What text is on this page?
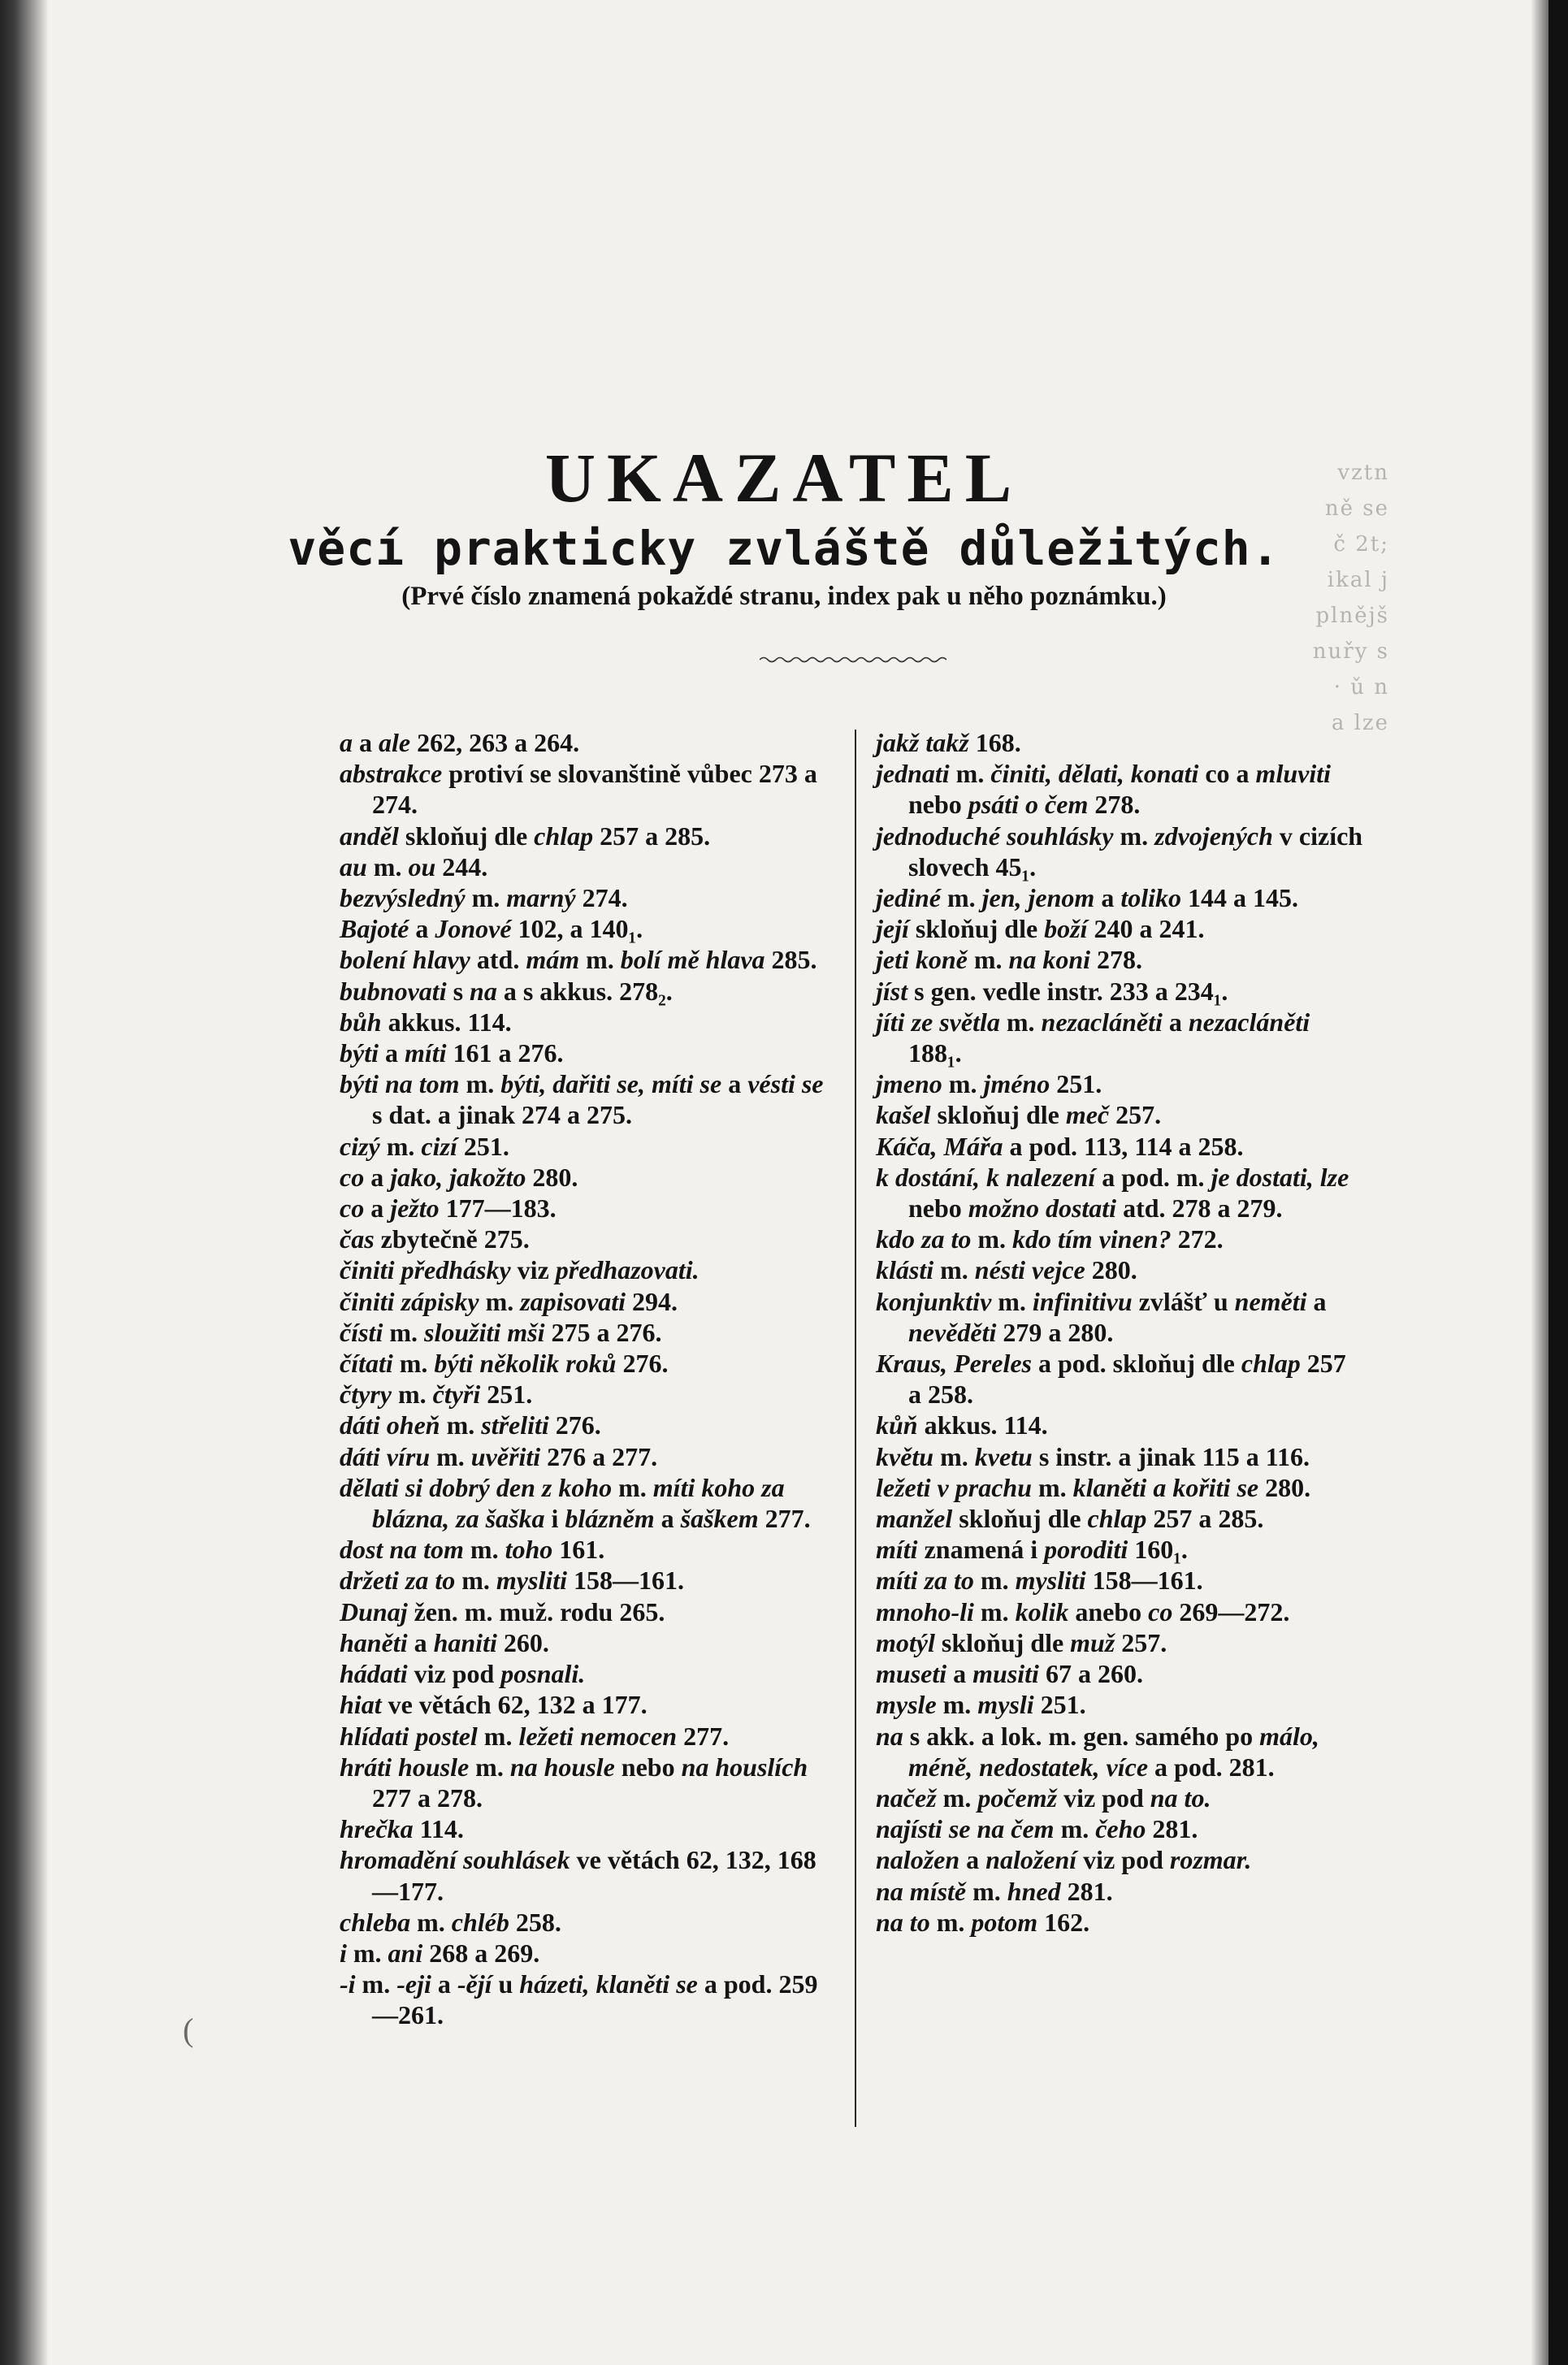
vztn
ně se
č 2t;
ikal j
plnějš
nuřy s
· ǔ n
a lze
UKAZATEL
věcí prakticky zvláště důležitých.
(Prvé číslo znamená pokaždé stranu, index pak u něho poznámku.)
a a ale 262, 263 a 264.
abstrakce protiví se slovanštině vůbec 273 a 274.
anděl skloňuj dle chlap 257 a 285.
au m. ou 244.
bezvýsledný m. marný 274.
Bajoté a Jonové 102, a 140₁.
bolení hlavy atd. mám m. bolí mě hlava 285.
bubnovati s na a s akkus. 278₂.
bůh akkus. 114.
býti a míti 161 a 276.
býti na tom m. býti, dařiti se, míti se a vésti se s dat. a jinak 274 a 275.
cizý m. cizí 251.
co a jako, jakožto 280.
co a ježto 177—183.
čas zbytečně 275.
činiti předhásky viz předhazovati.
činiti zápisky m. zapisovati 294.
čísti m. sloužiti mši 275 a 276.
čítati m. býti několik roků 276.
čtyry m. čtyři 251.
dáti oheň m. střeliti 276.
dáti víru m. uvěřiti 276 a 277.
dělati si dobrý den z koho m. míti koho za blázna, za šaška i blázněm a šaškem 277.
dost na tom m. toho 161.
držeti za to m. mysliti 158—161.
Dunaj žen. m. muž. rodu 265.
haněti a haniti 260.
hádati viz pod posnali.
hiat ve větách 62, 132 a 177.
hlídati postel m. ležeti nemocen 277.
hráti housle m. na housle nebo na houslích 277 a 278.
hrečka 114.
hromadění souhlásek ve větách 62, 132, 168—177.
chleba m. chléb 258.
i m. ani 268 a 269.
-i m. -eji a -ějí u házeti, klaněti se a pod. 259—261.
jakž takž 168.
jednati m. činiti, dělati, konati co a mluviti nebo psáti o čem 278.
jednoduché souhlásky m. zdvojených v cizích slovech 45₁.
jediné m. jen, jenom a toliko 144 a 145.
její skloňuj dle boží 240 a 241.
jeti koně m. na koni 278.
jíst s gen. vedle instr. 233 a 234₁.
jíti ze světla m. nezacláněti a nezacláněti 188₁.
jmeno m. jméno 251.
kašel skloňuj dle meč 257.
Káča, Mářa a pod. 113, 114 a 258.
k dostání, k nalezení a pod. m. je dostati, lze nebo možno dostati atd. 278 a 279.
kdo za to m. kdo tím vinen? 272.
klásti m. nésti vejce 280.
konjunktiv m. infinitivu zvlášť u neměti a nevěděti 279 a 280.
Kraus, Pereles a pod. skloňuj dle chlap 257 a 258.
kůň akkus. 114.
květu m. kvetu s instr. a jinak 115 a 116.
ležeti v prachu m. klaněti a kořiti se 280.
manžel skloňuj dle chlap 257 a 285.
míti znamená i poroditi 160₁.
míti za to m. mysliti 158—161.
mnoho-li m. kolik anebo co 269—272.
motýl skloňuj dle muž 257.
museti a musiti 67 a 260.
mysle m. mysli 251.
na s akk. a lok. m. gen. samého po málo, méně, nedostatek, více a pod. 281.
načež m. počemž viz pod na to.
najísti se na čem m. čeho 281.
naložen a naložení viz pod rozmar.
na místě m. hned 281.
na to m. potom 162.
(
